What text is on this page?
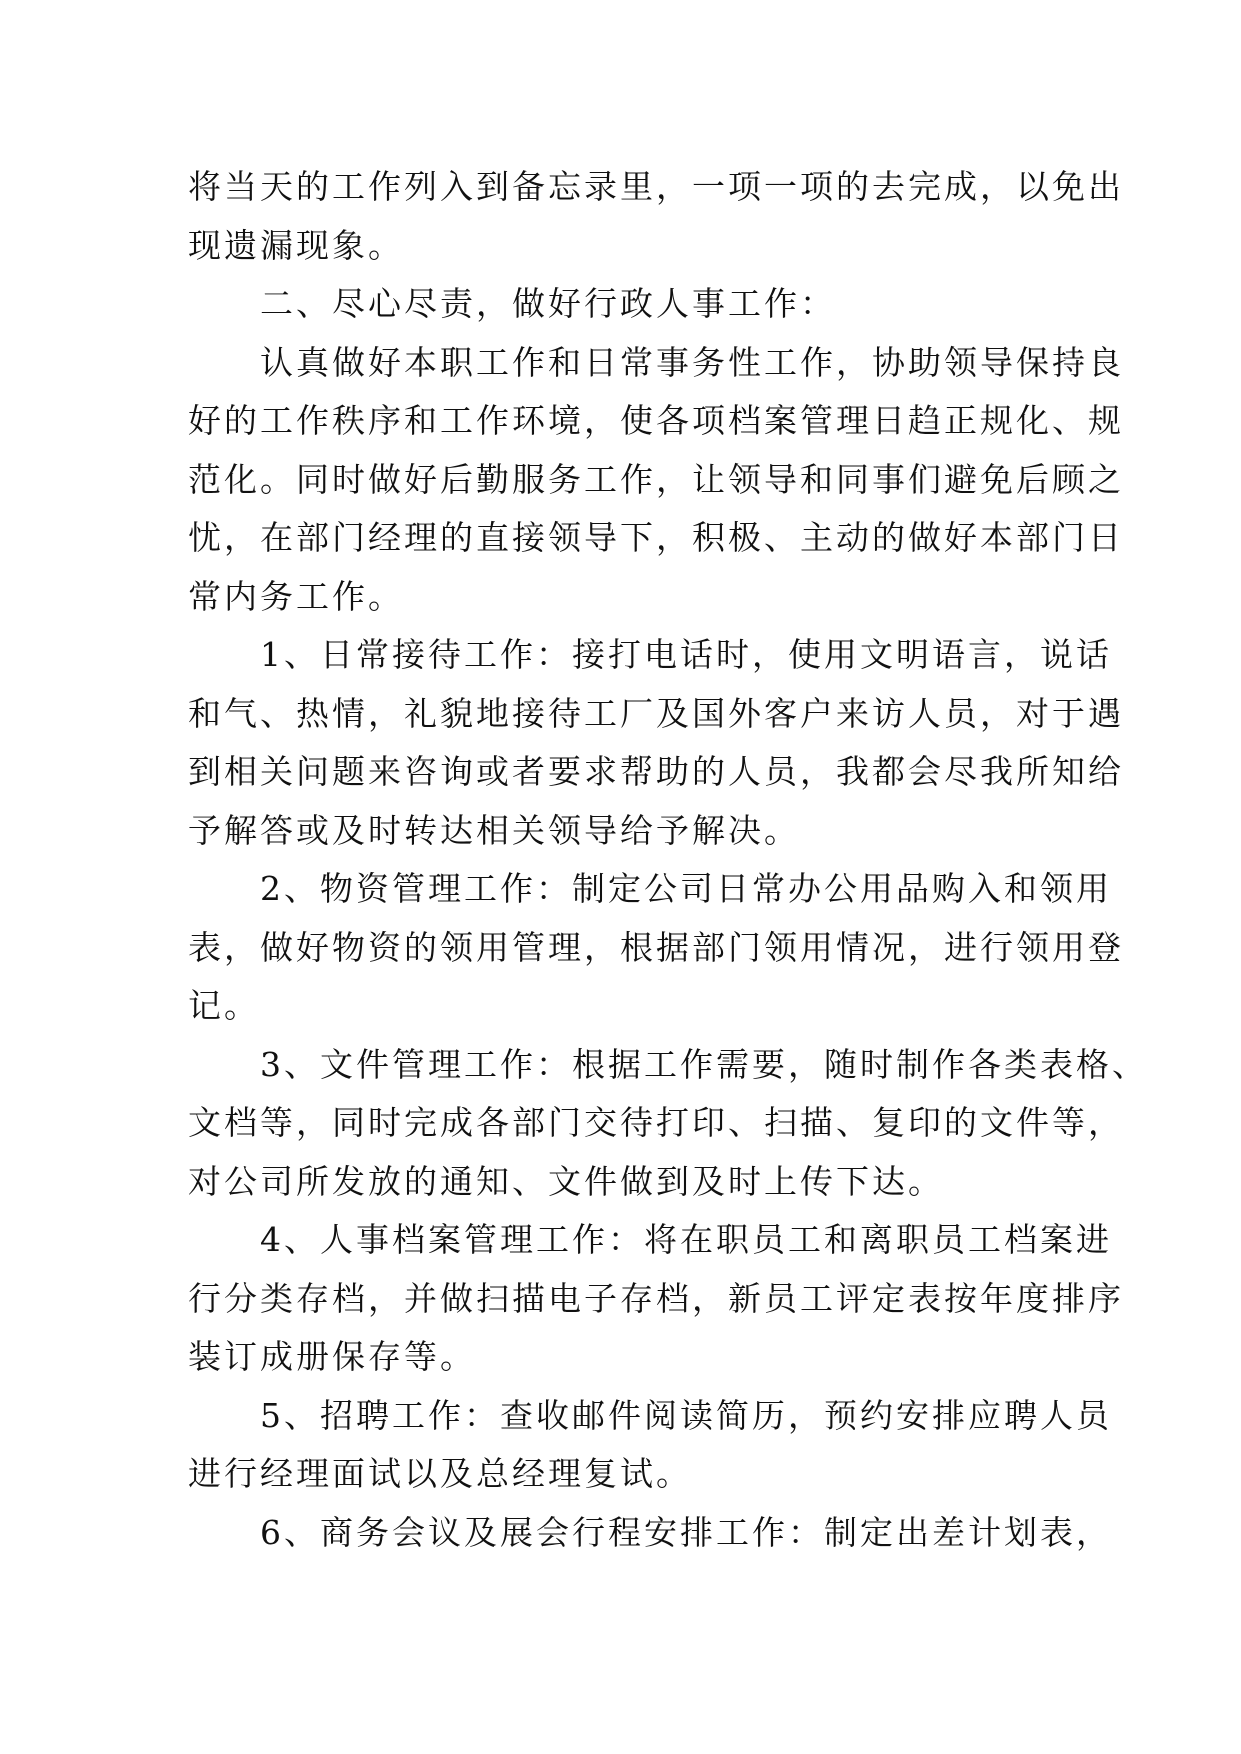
将当天的工作列入到备忘录里，一项一项的去完成，以免出
现遗漏现象。
二、尽心尽责，做好行政人事工作：
认真做好本职工作和日常事务性工作，协助领导保持良
好的工作秩序和工作环境，使各项档案管理日趋正规化、规
范化。同时做好后勤服务工作，让领导和同事们避免后顾之
忧，在部门经理的直接领导下，积极、主动的做好本部门日
常内务工作。
1、日常接待工作：接打电话时，使用文明语言，说话
和气、热情，礼貌地接待工厂及国外客户来访人员，对于遇
到相关问题来咨询或者要求帮助的人员，我都会尽我所知给
予解答或及时转达相关领导给予解决。
2、物资管理工作：制定公司日常办公用品购入和领用
表，做好物资的领用管理，根据部门领用情况，进行领用登
记。
3、文件管理工作：根据工作需要，随时制作各类表格、
文档等，同时完成各部门交待打印、扫描、复印的文件等，
对公司所发放的通知、文件做到及时上传下达。
4、人事档案管理工作：将在职员工和离职员工档案进
行分类存档，并做扫描电子存档，新员工评定表按年度排序
装订成册保存等。
5、招聘工作：查收邮件阅读简历，预约安排应聘人员
进行经理面试以及总经理复试。
6、商务会议及展会行程安排工作：制定出差计划表，
